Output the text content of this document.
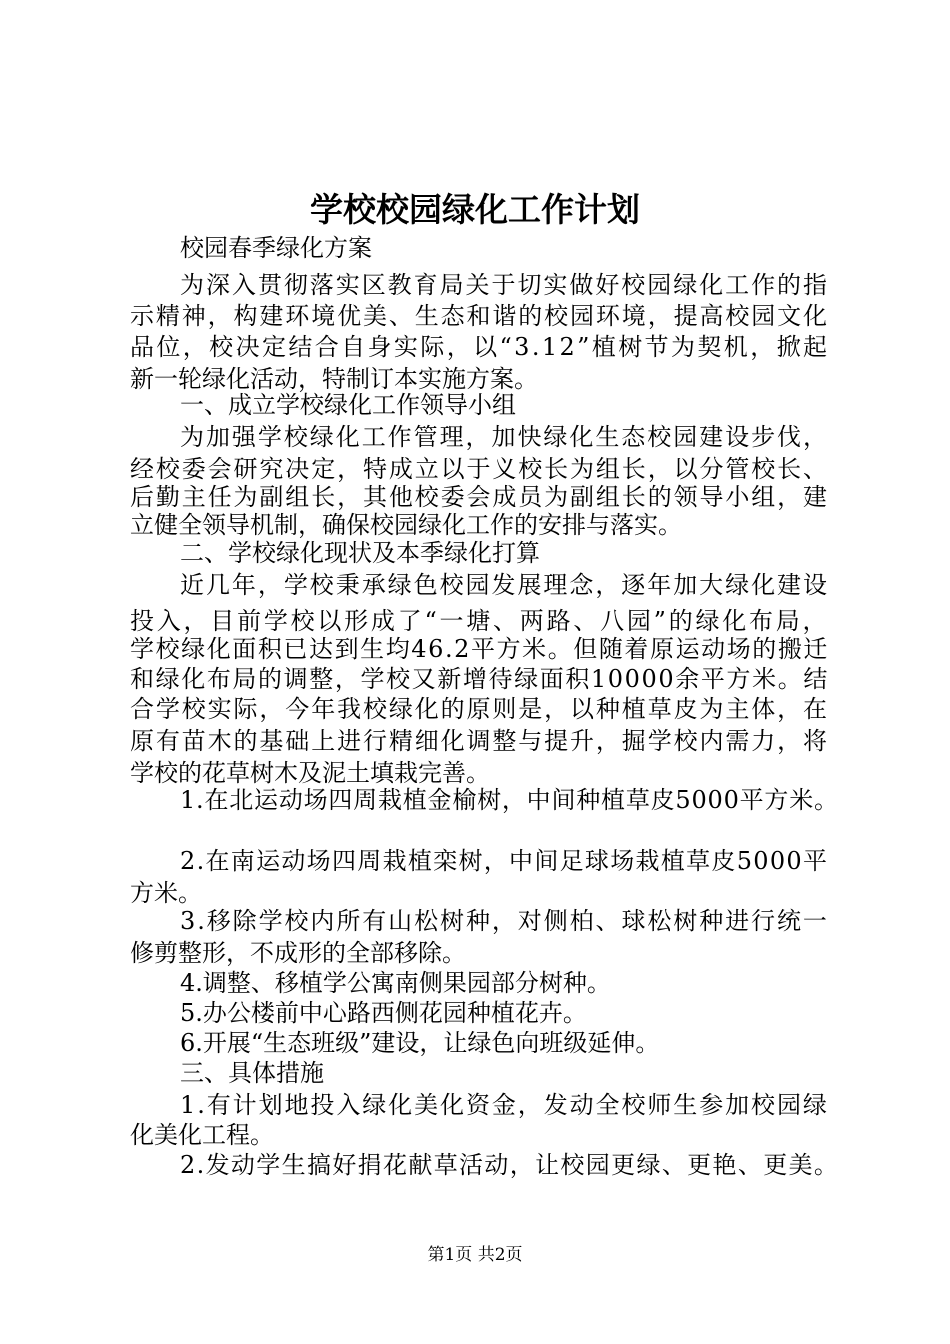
学校校园绿化工作计划
校园春季绿化方案
为深入贯彻落实区教育局关于切实做好校园绿化工作的指
示精神，构建环境优美、生态和谐的校园环境，提高校园文化
品位，校决定结合自身实际，以“3.12”植树节为契机，掀起
新一轮绿化活动，特制订本实施方案。
一、成立学校绿化工作领导小组
为加强学校绿化工作管理，加快绿化生态校园建设步伐，
经校委会研究决定，特成立以于义校长为组长，以分管校长、
后勤主任为副组长，其他校委会成员为副组长的领导小组，建
立健全领导机制，确保校园绿化工作的安排与落实。
二、学校绿化现状及本季绿化打算
近几年，学校秉承绿色校园发展理念，逐年加大绿化建设
投入，目前学校以形成了“一塘、两路、八园”的绿化布局，
学校绿化面积已达到生均46.2平方米。但随着原运动场的搬迁
和绿化布局的调整，学校又新增待绿面积10000余平方米。结
合学校实际，今年我校绿化的原则是，以种植草皮为主体，在
原有苗木的基础上进行精细化调整与提升，掘学校内需力，将
学校的花草树木及泥土填栽完善。
1.在北运动场四周栽植金榆树，中间种植草皮5000平方米。
2.在南运动场四周栽植栾树，中间足球场栽植草皮5000平
方米。
3.移除学校内所有山松树种，对侧柏、球松树种进行统一
修剪整形，不成形的全部移除。
4.调整、移植学公寓南侧果园部分树种。
5.办公楼前中心路西侧花园种植花卉。
6.开展“生态班级”建设，让绿色向班级延伸。
三、具体措施
1.有计划地投入绿化美化资金，发动全校师生参加校园绿
化美化工程。
2.发动学生搞好捐花献草活动，让校园更绿、更艳、更美。
第1页 共2页
